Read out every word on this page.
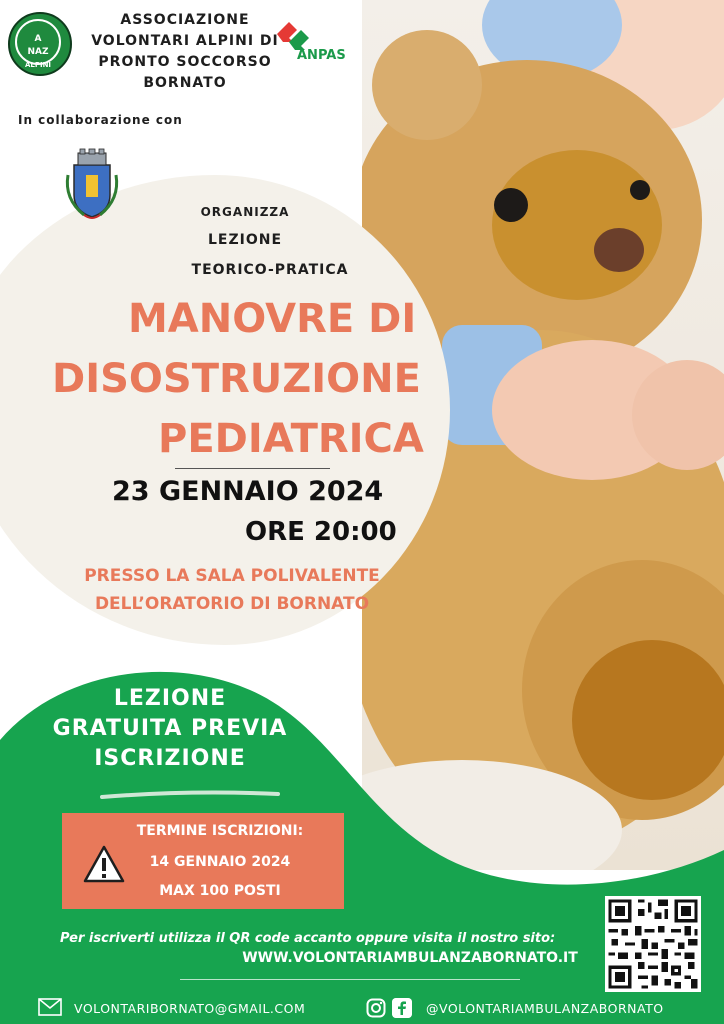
A
NAZ
ALPINI
ASSOCIAZIONE
VOLONTARI ALPINI DI
PRONTO SOCCORSO
BORNATO
ANPAS
In collaborazione con
ORGANIZZA
LEZIONE
TEORICO-PRATICA
MANOVRE DI
DISOSTRUZIONE
PEDIATRICA
23 GENNAIO 2024
ORE 20:00
PRESSO LA SALA POLIVALENTE
DELL’ORATORIO DI BORNATO
LEZIONE
GRATUITA PREVIA
ISCRIZIONE
TERMINE ISCRIZIONI:
14 GENNAIO 2024
MAX 100 POSTI
Per iscriverti utilizza il QR code accanto oppure visita il nostro sito:
WWW.VOLONTARIAMBULANZABORNATO.IT
VOLONTARIBORNATO@GMAIL.COM	@VOLONTARIAMBULANZABORNATO
